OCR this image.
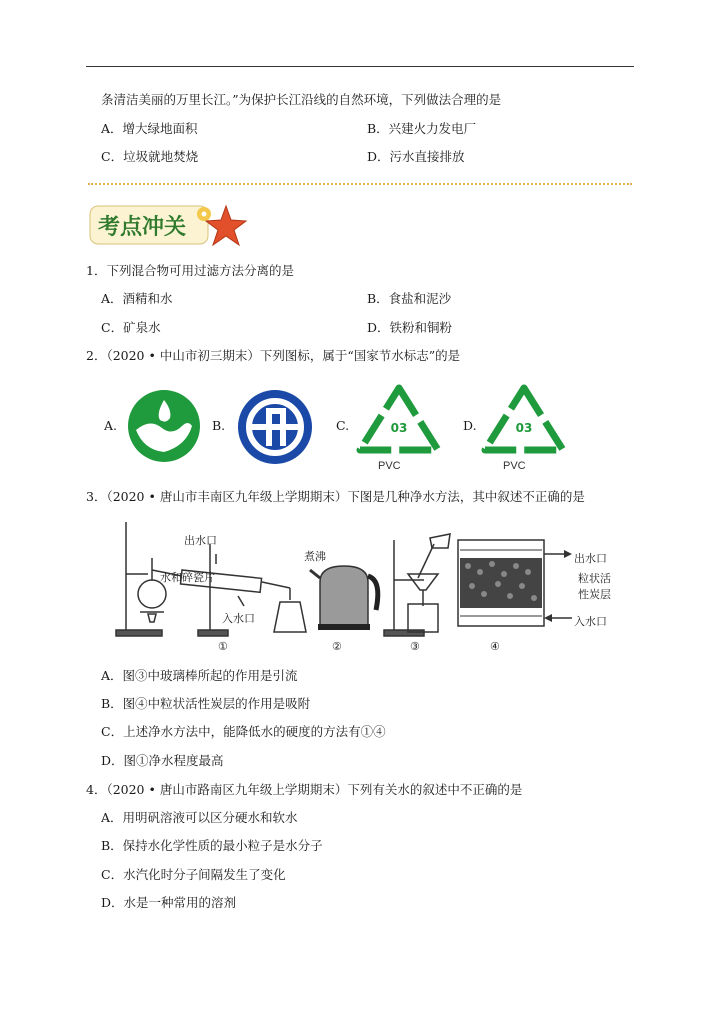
条清洁美丽的万里长江。”为保护长江沿线的自然环境，下列做法合理的是
A．增大绿地面积	B．兴建火力发电厂
C．垃圾就地焚烧	D．污水直接排放
考点冲关
1．下列混合物可用过滤方法分离的是
A．酒精和水	B．食盐和泥沙
C．矿泉水	D．铁粉和铜粉
2．（2020 • 中山市初三期末）下列图标，属于“国家节水标志”的是
A.	B.	C.	03
PVC
D.	03
PVC
3．（2020 • 唐山市丰南区九年级上学期期末）下图是几种净水方法，其中叙述不正确的是
出水口
水和碎瓷片
入水口
煮沸	出水口
粒状活
性炭层
入水口
①	②	③	④
A．图③中玻璃棒所起的作用是引流
B．图④中粒状活性炭层的作用是吸附
C．上述净水方法中，能降低水的硬度的方法有①④
D．图①净水程度最高
4．（2020 • 唐山市路南区九年级上学期期末）下列有关水的叙述中不正确的是
A．用明矾溶液可以区分硬水和软水
B．保持水化学性质的最小粒子是水分子
C．水汽化时分子间隔发生了变化
D．水是一种常用的溶剂
